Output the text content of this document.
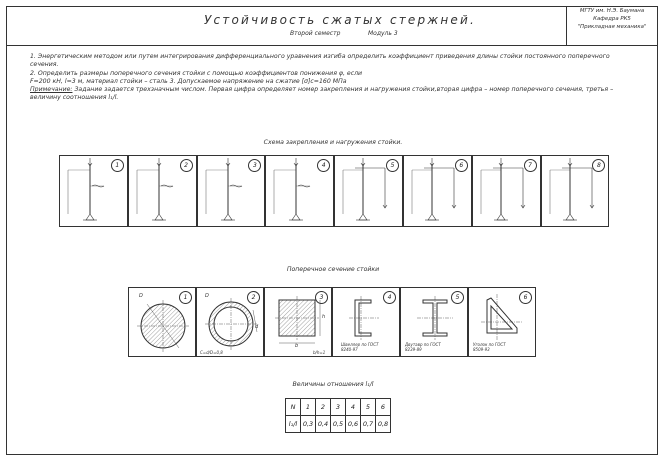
Устойчивость сжатых стержней.
Второй семестр	Модуль 3
МГТУ им. Н.Э. Баумана
Кафедра РК5
"Прикладная механика"

1. Энергетическим методом или путем интегрирования дифференциального уравнения изгиба определить коэффициент приведения длины стойки постоянного поперечного сечения.

2. Определить размеры поперечного сечения стойки с помощью коэффициентов понижения φ, если

F=200 кН, l=3 м, материал стойки – сталь 3. Допускаемое напряжение на сжатие [σ]c=160 МПа

Примечание: Задание задается трехзначным числом. Первая цифра определяет номер закрепления и нагружения стойки,вторая цифра – номер поперечного сечения, третья – величину соотношения l₁/l.

Схема закрепления и нагружения стойки.
1	2	3	4	5	6	7	8
Поперечное сечение стойки
1
D	2
D
d
C=d/D=0,8
3
b
h
b/h=1
4
Швеллер по ГОСТ 8240-97
5
Двутавр по ГОСТ 8239-89
6
Уголок по ГОСТ 8509-93
Величины отношения l₁/l
N	1	2	3	4	5	6
l₁/l	0,3	0,4	0,5	0,6	0,7	0,8
